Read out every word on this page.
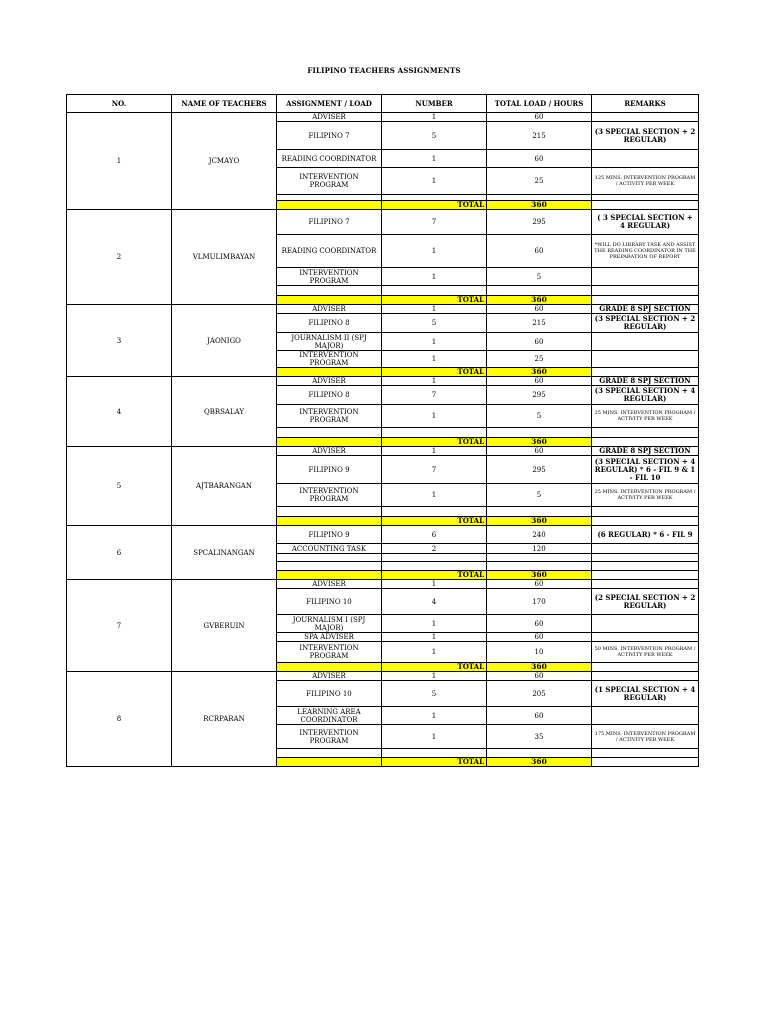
FILIPINO TEACHERS ASSIGNMENTS
NO.	NAME OF TEACHERS	ASSIGNMENT / LOAD	NUMBER	TOTAL LOAD / HOURS	REMARKS
1	JCMAYO	ADVISER	1	60	
		FILIPINO 7	5	215	(3 SPECIAL SECTION + 2 REGULAR)
		READING COORDINATOR	1	60	
		INTERVENTION PROGRAM	1	25	125 MINS. INTERVENTION PROGRAM / ACTIVITY PER WEEK

			TOTAL	360	
2	VLMULIMBAYAN	FILIPINO 7	7	295	( 3 SPECIAL SECTION + 4 REGULAR)
		READING COORDINATOR	1	60	*WILL DO LIBRARY TASK AND ASSIST THE READING COORDINATOR IN THE PREPARATION OF REPORT
		INTERVENTION PROGRAM	1	5	

			TOTAL	360	
3	JAONIGO	ADVISER	1	60	GRADE 8 SPJ SECTION
		FILIPINO 8	5	215	(3 SPECIAL SECTION + 2 REGULAR)
		JOURNALISM II (SPJ MAJOR)	1	60	
		INTERVENTION PROGRAM	1	25	
			TOTAL	360	
4	QBRSALAY	ADVISER	1	60	GRADE 8 SPJ SECTION
		FILIPINO 8	7	295	(3 SPECIAL SECTION + 4 REGULAR)
		INTERVENTION PROGRAM	1	5	25 MINS. INTERVENTION PROGRAM / ACTIVITY PER WEEK

			TOTAL	360	
5	AJTBARANGAN	ADVISER	1	60	GRADE 8 SPJ SECTION
		FILIPINO 9	7	295	(3 SPECIAL SECTION + 4 REGULAR) * 6 - FIL 9 & 1 - FIL 10
		INTERVENTION PROGRAM	1	5	25 MINS. INTERVENTION PROGRAM / ACTIVITY PER WEEK

			TOTAL	360	
6	SPCALINANGAN	FILIPINO 9	6	240	(6 REGULAR) * 6 - FIL 9
		ACCOUNTING TASK	2	120	

			TOTAL	360	
7	GVBERUIN	ADVISER	1	60	
		FILIPINO 10	4	170	(2 SPECIAL SECTION + 2 REGULAR)
		JOURNALISM I (SPJ MAJOR)	1	60	
		SPA ADVISER	1	60	
		INTERVENTION PROGRAM	1	10	50 MINS. INTERVENTION PROGRAM / ACTIVITY PER WEEK
			TOTAL	360	
8	RCRPARAN	ADVISER	1	60	
		FILIPINO 10	5	205	(1 SPECIAL SECTION + 4 REGULAR)
		LEARNING AREA COORDINATOR	1	60	
		INTERVENTION PROGRAM	1	35	175 MINS. INTERVENTION PROGRAM / ACTIVITY PER WEEK

			TOTAL	360	
